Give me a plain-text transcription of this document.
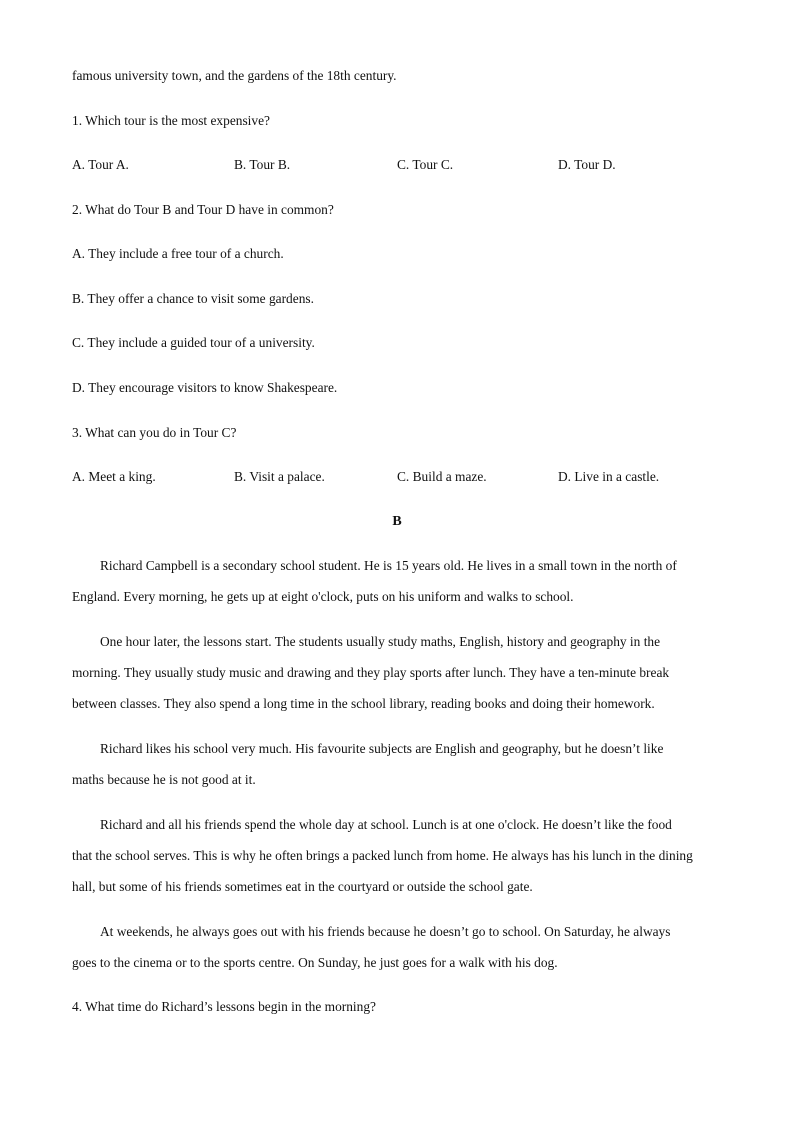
famous university town, and the gardens of the 18th century.
1. Which tour is the most expensive?
A. Tour A.	B. Tour B.	C. Tour C.	D. Tour D.
2. What do Tour B and Tour D have in common?
A. They include a free tour of a church.
B. They offer a chance to visit some gardens.
C. They include a guided tour of a university.
D. They encourage visitors to know Shakespeare.
3. What can you do in Tour C?
A. Meet a king.	B. Visit a palace.	C. Build a maze.	D. Live in a castle.
B
Richard Campbell is a secondary school student. He is 15 years old. He lives in a small town in the north of
England. Every morning, he gets up at eight o'clock, puts on his uniform and walks to school.
One hour later, the lessons start. The students usually study maths, English, history and geography in the
morning. They usually study music and drawing and they play sports after lunch. They have a ten-minute break
between classes. They also spend a long time in the school library, reading books and doing their homework.
Richard likes his school very much. His favourite subjects are English and geography, but he doesn’t like
maths because he is not good at it.
Richard and all his friends spend the whole day at school. Lunch is at one o'clock. He doesn’t like the food
that the school serves. This is why he often brings a packed lunch from home. He always has his lunch in the dining
hall, but some of his friends sometimes eat in the courtyard or outside the school gate.
At weekends, he always goes out with his friends because he doesn’t go to school. On Saturday, he always
goes to the cinema or to the sports centre. On Sunday, he just goes for a walk with his dog.
4. What time do Richard’s lessons begin in the morning?
